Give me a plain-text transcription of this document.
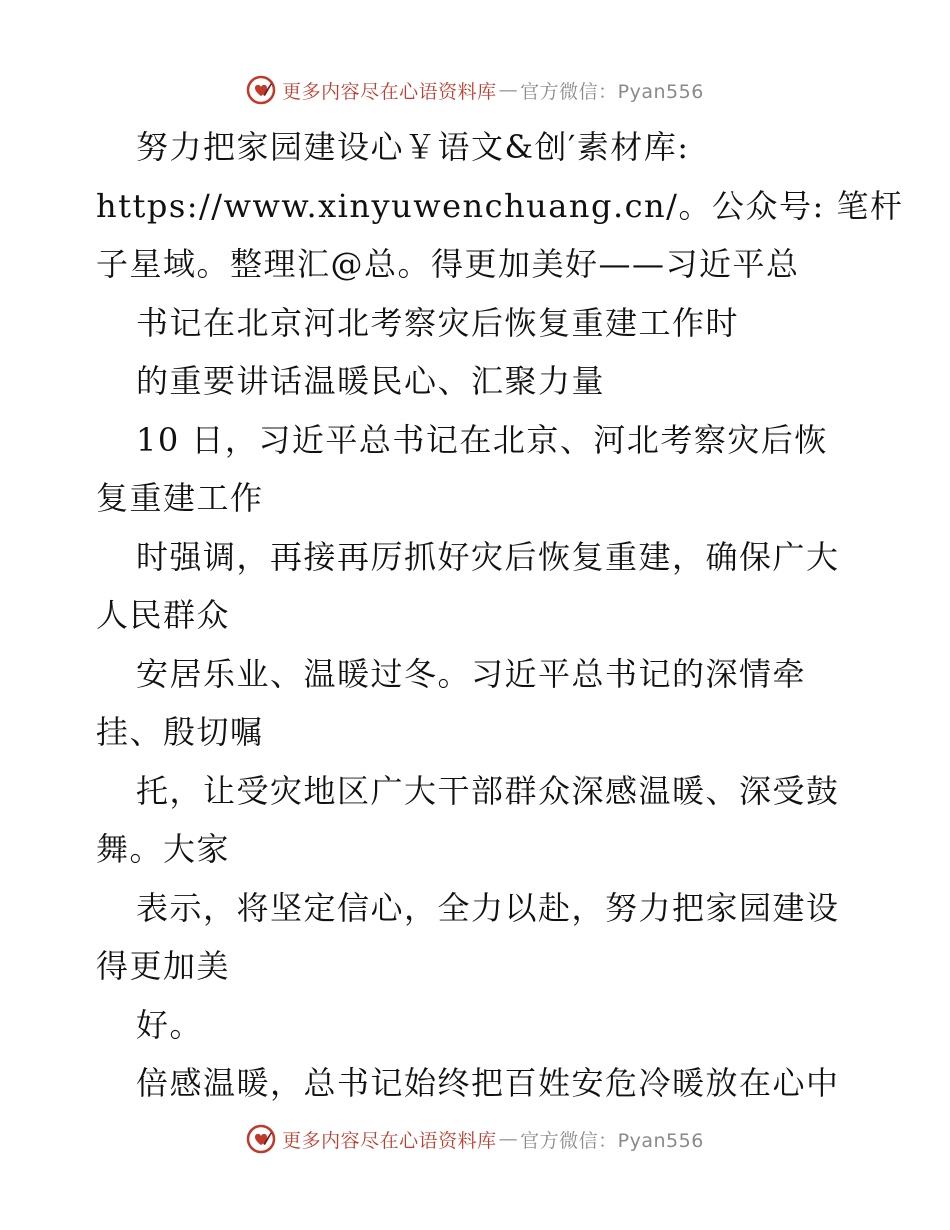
更多内容尽在心语资料库 — 官方微信：Pyan556
努力把家园建设心￥语文&创′素材库:
https://www.xinyuwenchuang.cn/。公众号: 笔杆
子星域。整理汇@总。得更加美好——习近平总
书记在北京河北考察灾后恢复重建工作时
的重要讲话温暖民心、汇聚力量
10 日，习近平总书记在北京、河北考察灾后恢
复重建工作
时强调，再接再厉抓好灾后恢复重建，确保广大
人民群众
安居乐业、温暖过冬。习近平总书记的深情牵
挂、殷切嘱
托，让受灾地区广大干部群众深感温暖、深受鼓
舞。大家
表示，将坚定信心，全力以赴，努力把家园建设
得更加美
好。
倍感温暖，总书记始终把百姓安危冷暖放在心中
更多内容尽在心语资料库 — 官方微信：Pyan556
